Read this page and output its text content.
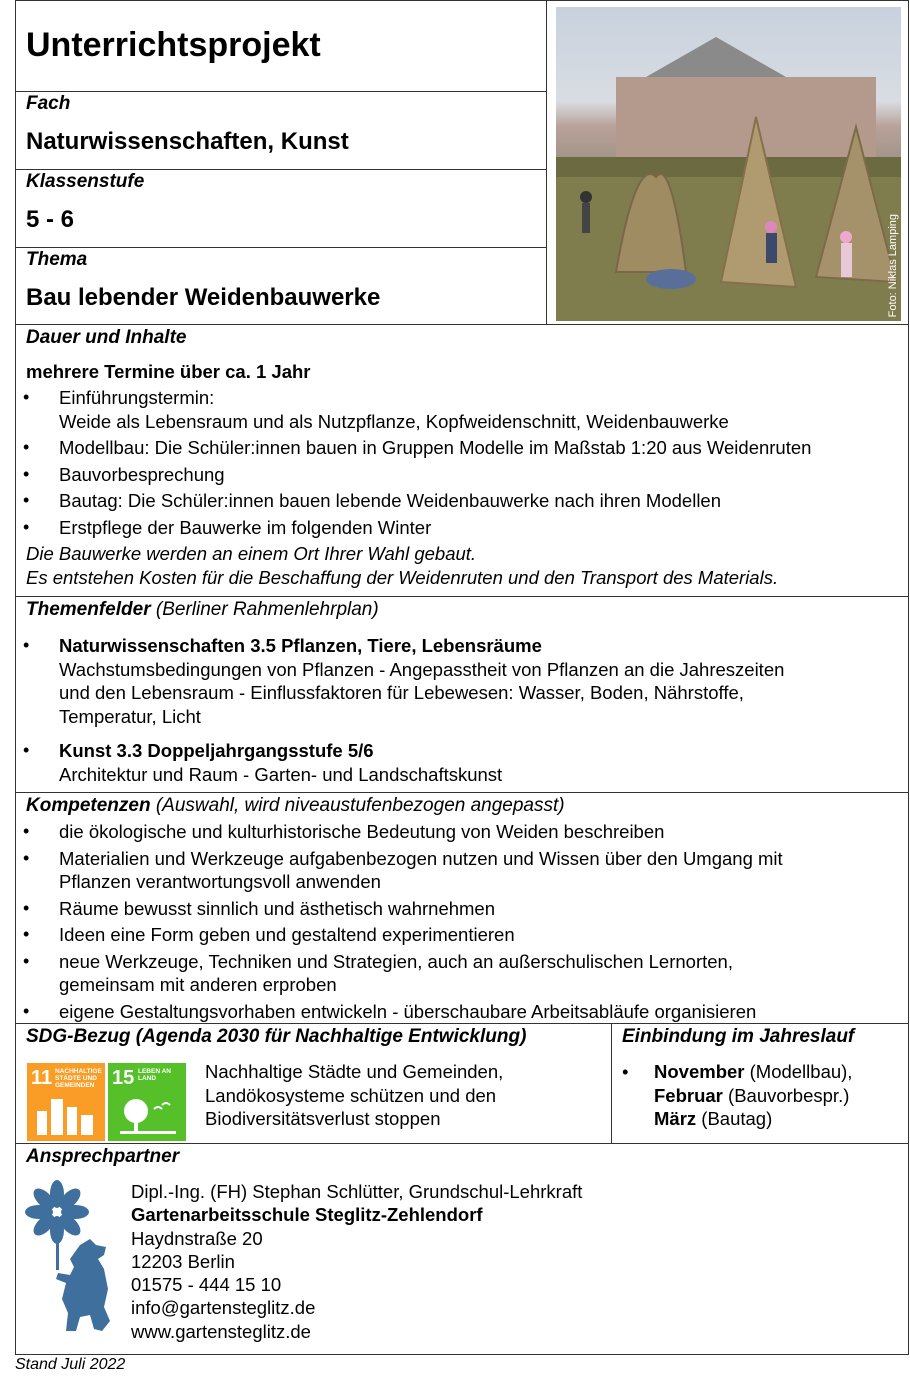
Unterrichtsprojekt
Fach
Naturwissenschaften, Kunst
Klassenstufe
5 - 6
Thema
Bau lebender Weidenbauwerke	Foto: Niklas Lamping
Dauer und Inhalte
mehrere Termine über ca. 1 Jahr
• Einführungstermin:
Weide als Lebensraum und als Nutzpflanze, Kopfweidenschnitt, Weidenbauwerke
• Modellbau: Die Schüler:innen bauen in Gruppen Modelle im Maßstab 1:20 aus Weidenruten
• Bauvorbesprechung
• Bautag: Die Schüler:innen bauen lebende Weidenbauwerke nach ihren Modellen
• Erstpflege der Bauwerke im folgenden Winter
Die Bauwerke werden an einem Ort Ihrer Wahl gebaut.
Es entstehen Kosten für die Beschaffung der Weidenruten und den Transport des Materials.
Themenfelder (Berliner Rahmenlehrplan)
• Naturwissenschaften 3.5 Pflanzen, Tiere, Lebensräume
Wachstumsbedingungen von Pflanzen - Angepasstheit von Pflanzen an die Jahreszeiten
und den Lebensraum - Einflussfaktoren für Lebewesen: Wasser, Boden, Nährstoffe,
Temperatur, Licht
• Kunst 3.3 Doppeljahrgangsstufe 5/6
Architektur und Raum - Garten- und Landschaftskunst
Kompetenzen (Auswahl, wird niveaustufenbezogen angepasst)
• die ökologische und kulturhistorische Bedeutung von Weiden beschreiben
• Materialien und Werkzeuge aufgabenbezogen nutzen und Wissen über den Umgang mit
Pflanzen verantwortungsvoll anwenden
• Räume bewusst sinnlich und ästhetisch wahrnehmen
• Ideen eine Form geben und gestaltend experimentieren
• neue Werkzeuge, Techniken und Strategien, auch an außerschulischen Lernorten,
gemeinsam mit anderen erproben
• eigene Gestaltungsvorhaben entwickeln - überschaubare Arbeitsabläufe organisieren
SDG-Bezug (Agenda 2030 für Nachhaltige Entwicklung)
11 NACHHALTIGE STÄDTE UND GEMEINDEN 15 LEBEN AN LAND	Nachhaltige Städte und Gemeinden,
Landökosysteme schützen und den
Biodiversitätsverlust stoppen
Einbindung im Jahreslauf
•	November (Modellbau),
Februar (Bauvorbespr.)
März (Bautag)
Ansprechpartner
Dipl.-Ing. (FH) Stephan Schlütter, Grundschul-Lehrkraft
Gartenarbeitsschule Steglitz-Zehlendorf
Haydnstraße 20
12203 Berlin
01575 - 444 15 10
info@gartensteglitz.de
www.gartensteglitz.de
Stand Juli 2022
